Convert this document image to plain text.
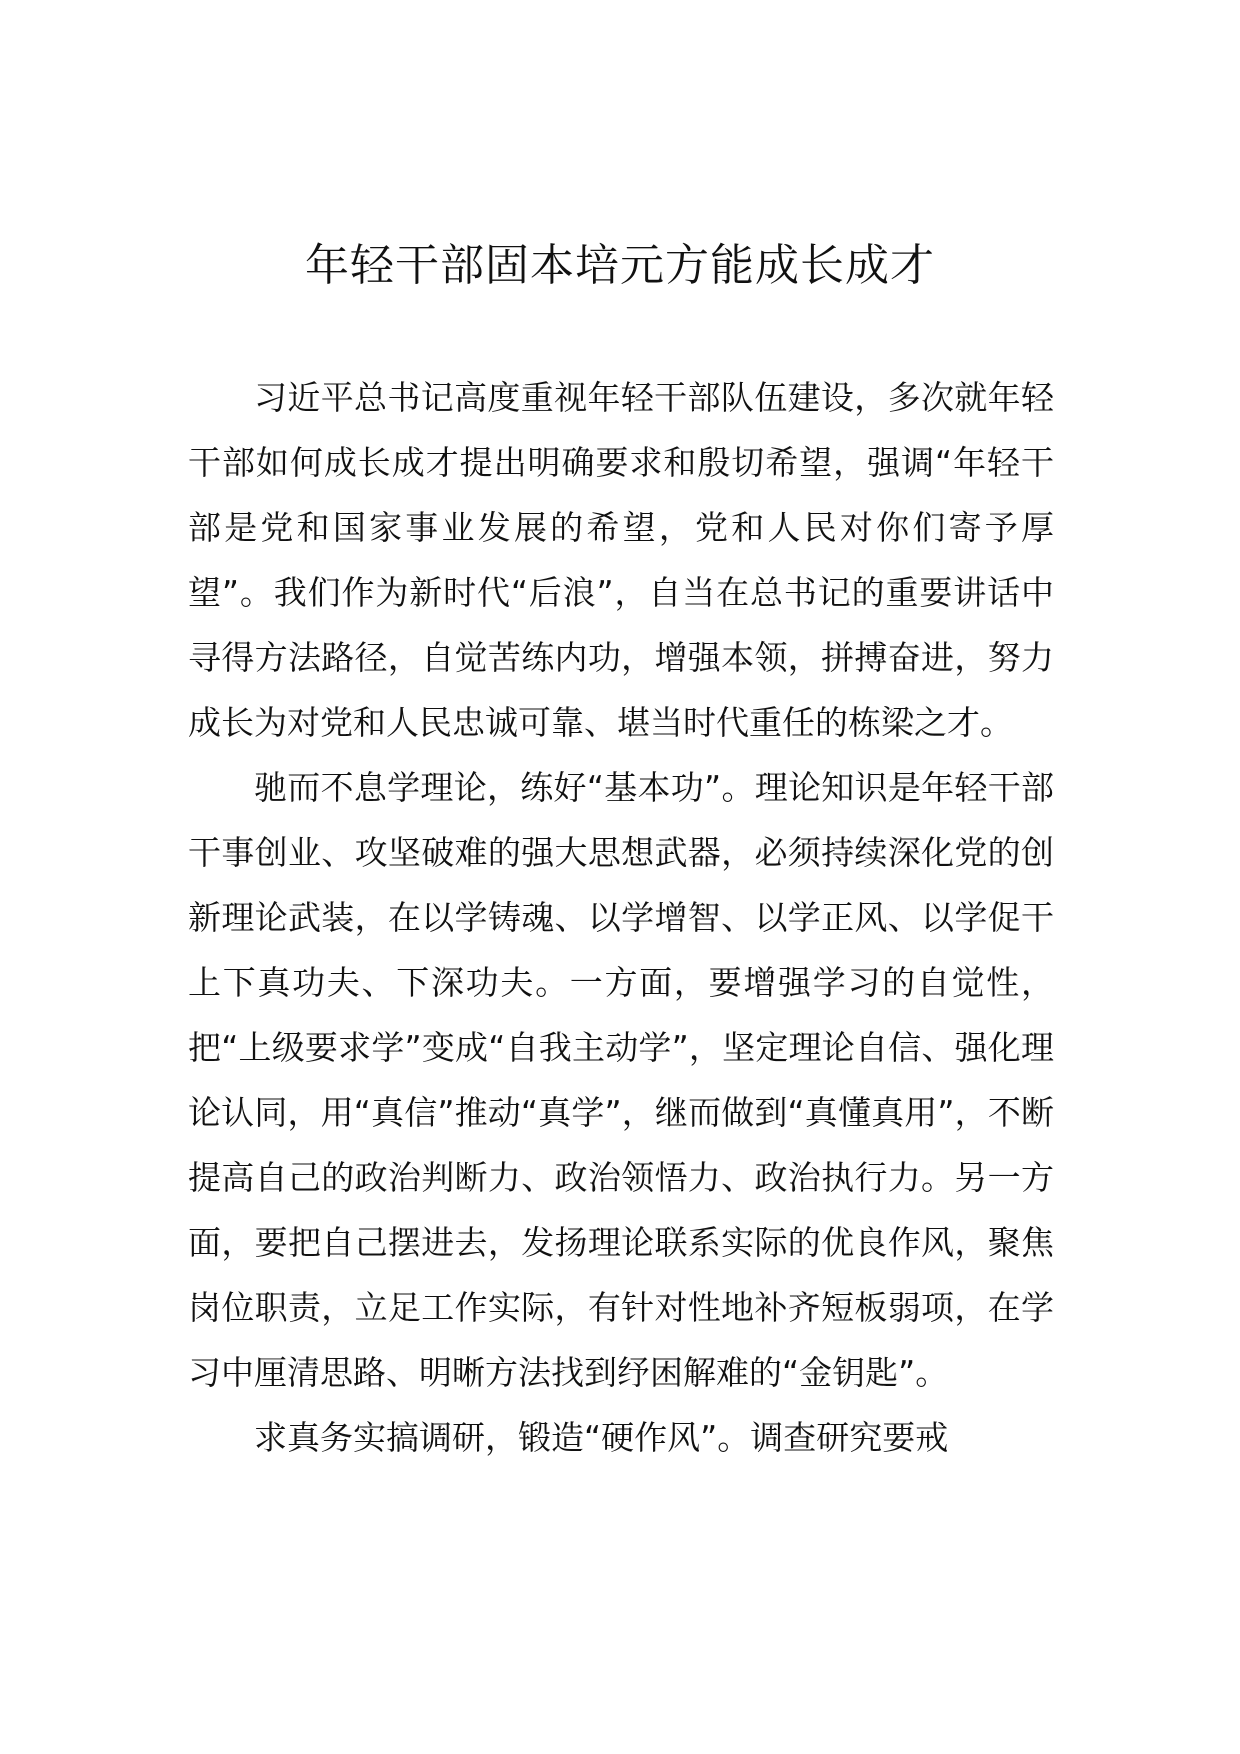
年轻干部固本培元方能成长成才

习近平总书记高度重视年轻干部队伍建设，多次就年轻干部如何成长成才提出明确要求和殷切希望，强调“年轻干部是党和国家事业发展的希望，党和人民对你们寄予厚望”。我们作为新时代“后浪”，自当在总书记的重要讲话中寻得方法路径，自觉苦练内功，增强本领，拼搏奋进，努力成长为对党和人民忠诚可靠、堪当时代重任的栋梁之才。

驰而不息学理论，练好“基本功”。理论知识是年轻干部干事创业、攻坚破难的强大思想武器，必须持续深化党的创新理论武装，在以学铸魂、以学增智、以学正风、以学促干上下真功夫、下深功夫。一方面，要增强学习的自觉性，把“上级要求学”变成“自我主动学”，坚定理论自信、强化理论认同，用“真信”推动“真学”，继而做到“真懂真用”，不断提高自己的政治判断力、政治领悟力、政治执行力。另一方面，要把自己摆进去，发扬理论联系实际的优良作风，聚焦岗位职责，立足工作实际，有针对性地补齐短板弱项，在学习中厘清思路、明晰方法找到纾困解难的“金钥匙”。

求真务实搞调研，锻造“硬作风”。调查研究要戒
